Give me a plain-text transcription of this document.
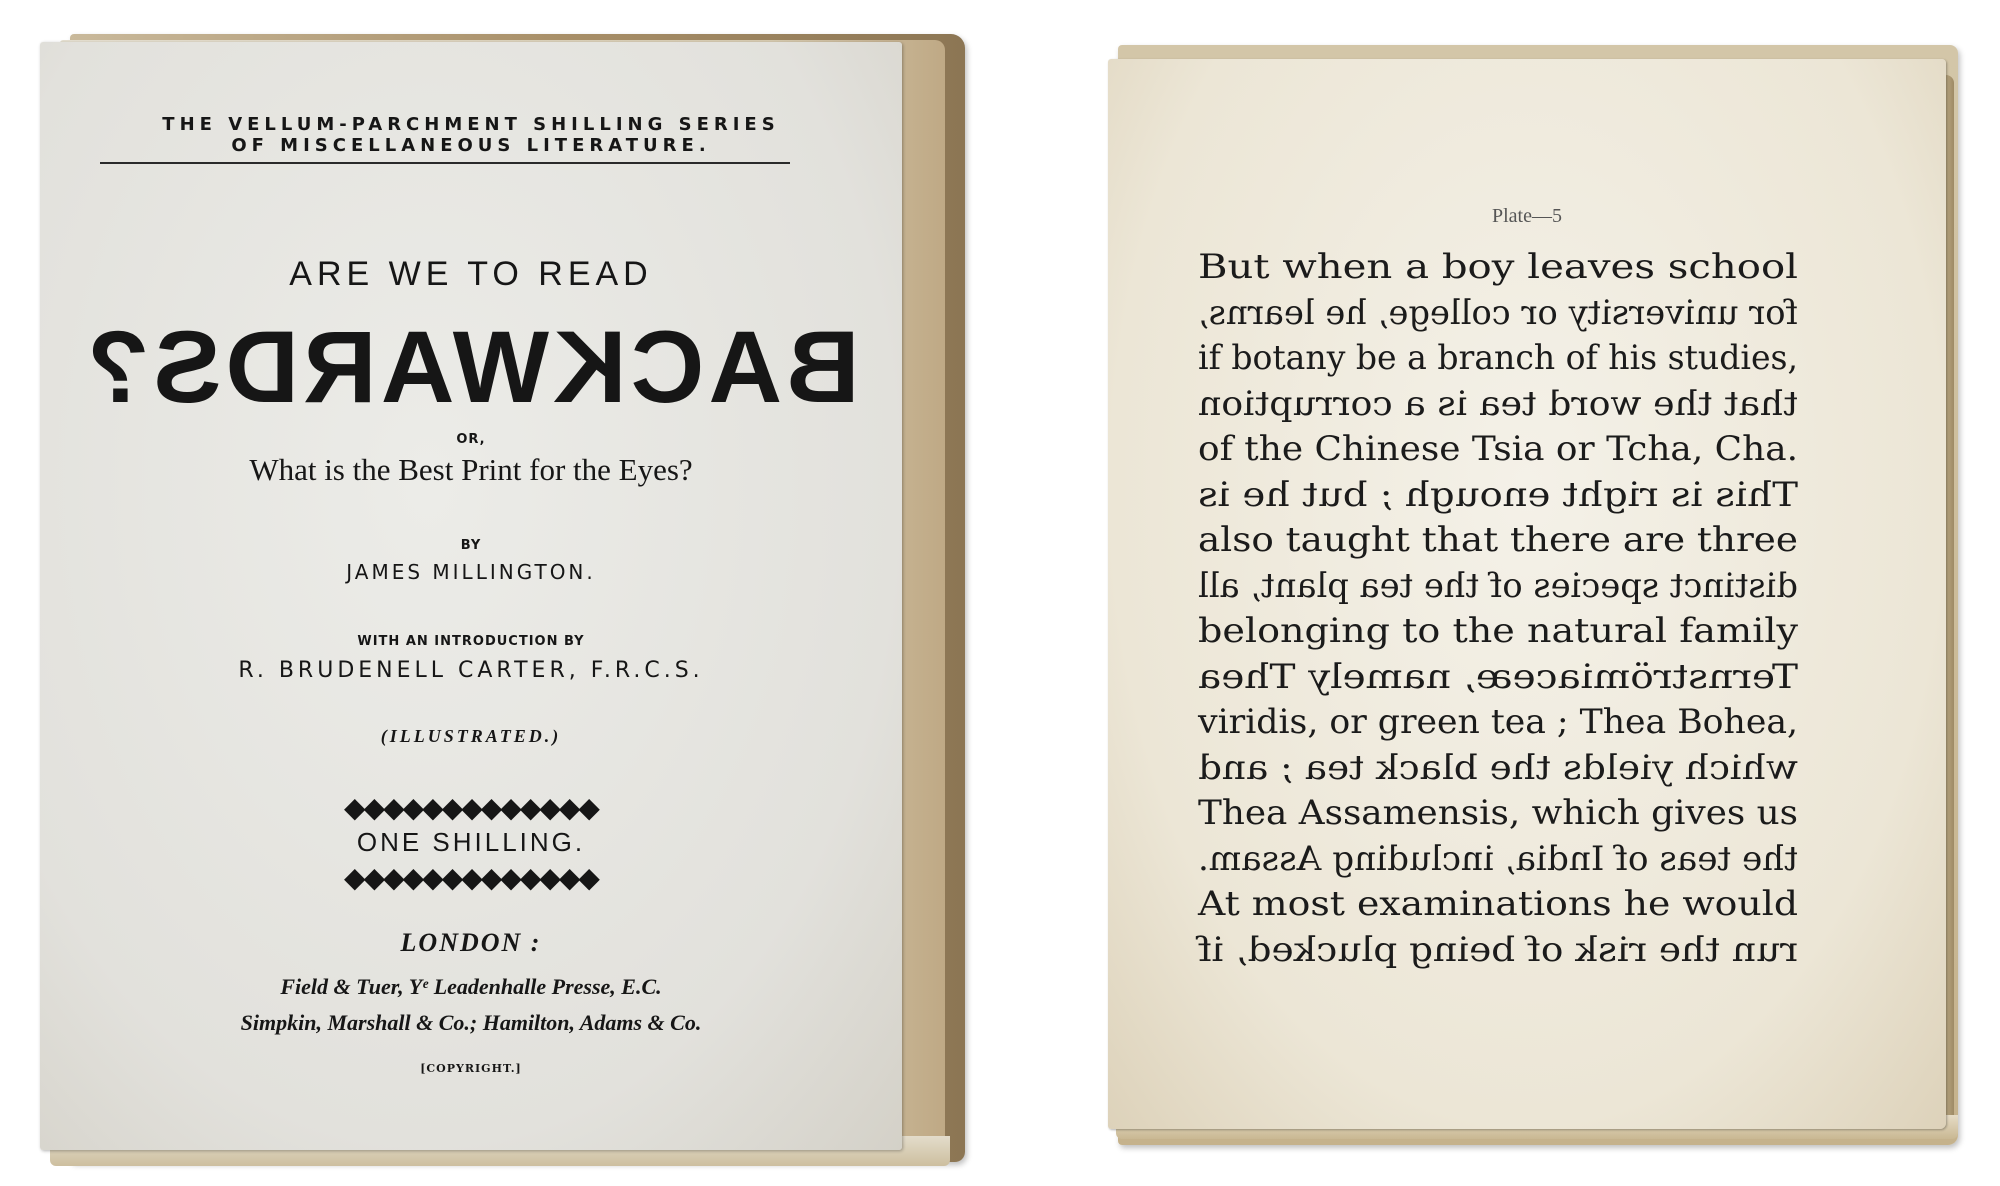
THE VELLUM-PARCHMENT SHILLING SERIES
OF MISCELLANEOUS LITERATURE.
ARE WE TO READ
BACKWARDS?
OR,
What is the Best Print for the Eyes?
BY
JAMES MILLINGTON.
WITH AN INTRODUCTION BY
R. BRUDENELL CARTER, F.R.C.S.
(ILLUSTRATED.)
◆◆◆◆◆◆◆◆◆◆◆◆◆
ONE SHILLING.
◆◆◆◆◆◆◆◆◆◆◆◆◆
LONDON :
Field & Tuer, Yᵉ Leadenhalle Presse, E.C.
Simpkin, Marshall & Co.; Hamilton, Adams & Co.
[COPYRIGHT.]
Plate—5
But when a boy leaves school
for university or college, he learns,
if botany be a branch of his studies,
that the word tea is a corruption
of the Chinese Tsia or Tcha, Cha.
This is right enough ; but he is
also taught that there are three
distinct species of the tea plant, all
belonging to the natural family
Ternströmiaceæ, namely Thea
viridis, or green tea ; Thea Bohea,
which yields the black tea ; and
Thea Assamensis, which gives us
the teas of India, including Assam.
At most examinations he would
run the risk of being plucked, if
